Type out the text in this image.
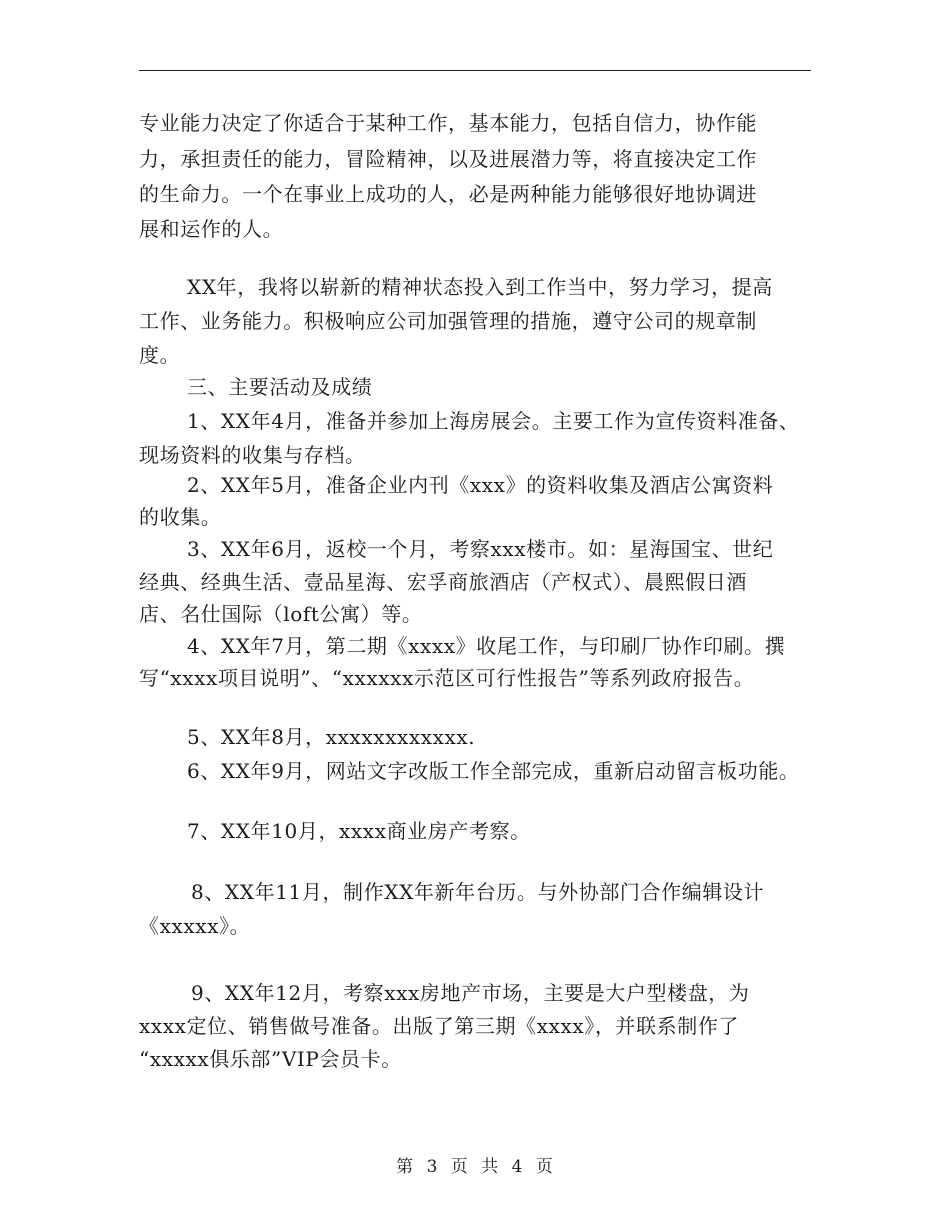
专业能力决定了你适合于某种工作，基本能力，包括自信力，协作能
力，承担责任的能力，冒险精神，以及进展潜力等，将直接决定工作
的生命力。一个在事业上成功的人，必是两种能力能够很好地协调进
展和运作的人。
XX年，我将以崭新的精神状态投入到工作当中，努力学习，提高
工作、业务能力。积极响应公司加强管理的措施，遵守公司的规章制
度。
三、主要活动及成绩
1、XX年4月，准备并参加上海房展会。主要工作为宣传资料准备、
现场资料的收集与存档。
2、XX年5月，准备企业内刊《xxx》的资料收集及酒店公寓资料
的收集。
3、XX年6月，返校一个月，考察xxx楼市。如：星海国宝、世纪
经典、经典生活、壹品星海、宏孚商旅酒店（产权式）、晨熙假日酒
店、名仕国际（loft公寓）等。
4、XX年7月，第二期《xxxx》收尾工作，与印刷厂协作印刷。撰
写“xxxx项目说明”、“xxxxxx示范区可行性报告”等系列政府报告。
5、XX年8月，xxxxxxxxxxxx.
6、XX年9月，网站文字改版工作全部完成，重新启动留言板功能。
7、XX年10月，xxxx商业房产考察。
8、XX年11月，制作XX年新年台历。与外协部门合作编辑设计
《xxxxx》。
9、XX年12月，考察xxx房地产市场，主要是大户型楼盘，为
xxxx定位、销售做号准备。出版了第三期《xxxx》，并联系制作了
“xxxxx俱乐部”VIP会员卡。
第 3 页 共 4 页
